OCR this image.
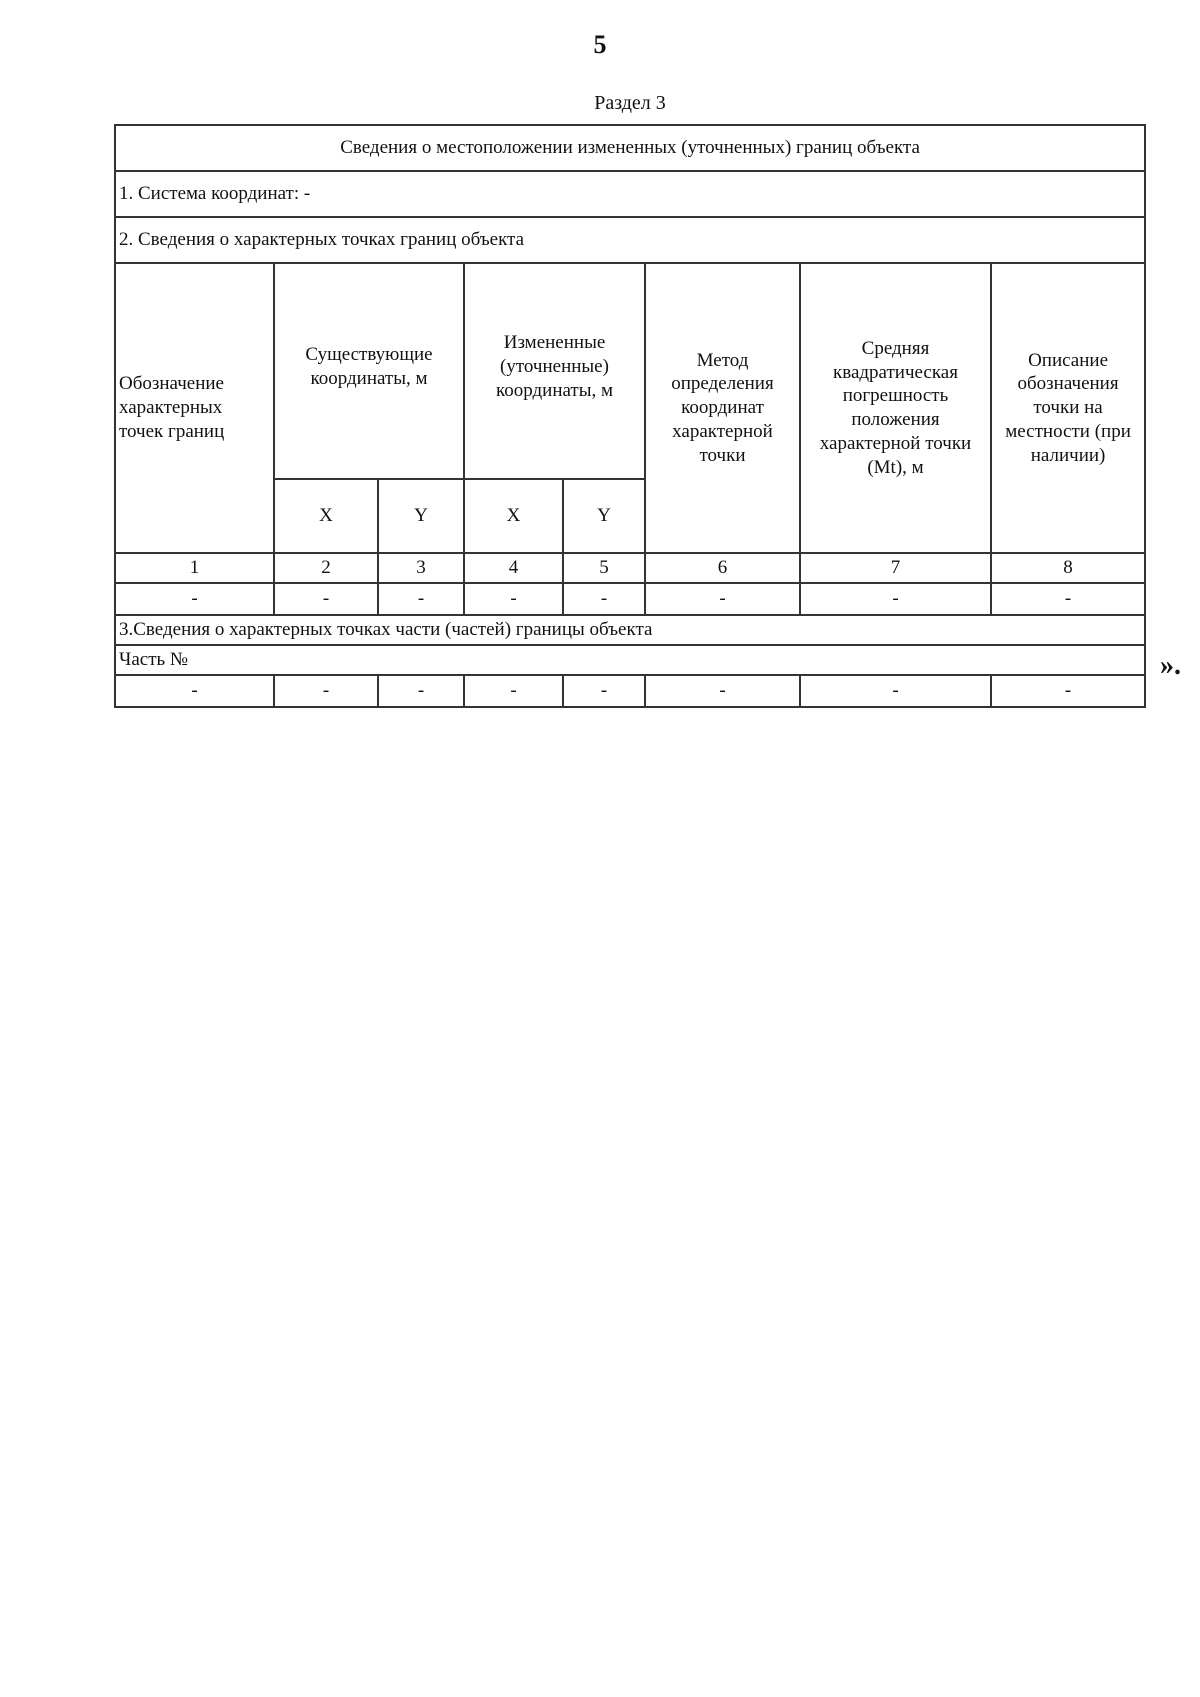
5
Раздел 3
Сведения о местоположении измененных (уточненных) границ объекта							
1. Система координат: -							
2. Сведения о характерных точках границ объекта							
Обозначение характерных точек границ	Существующие координаты, м		Измененные (уточненные) координаты, м		Метод определения координат характерной точки	Средняя квадратическая погрешность положения характерной точки (Mt), м	Описание обозначения точки на местности (при наличии)
	X	Y	X	Y			
1	2	3	4	5	6	7	8
-	-	-	-	-	-	-	-
3.Сведения о характерных точках части (частей) границы объекта							
Часть №							
-	-	-	-	-	-	-	-
».
